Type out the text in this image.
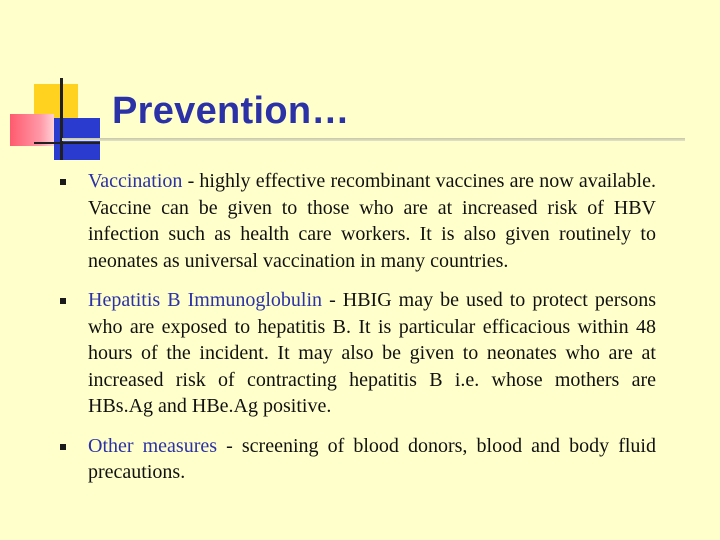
Prevention…
Vaccination - highly effective recombinant vaccines are now available. Vaccine can be given to those who are at increased risk of HBV infection such as health care workers. It is also given routinely to neonates as universal vaccination in many countries.
Hepatitis B Immunoglobulin - HBIG may be used to protect persons who are exposed to hepatitis B. It is particular efficacious within 48 hours of the incident. It may also be given to neonates who are at increased risk of contracting hepatitis B i.e. whose mothers are HBs.Ag and HBe.Ag positive.
Other measures - screening of blood donors, blood and body fluid precautions.
